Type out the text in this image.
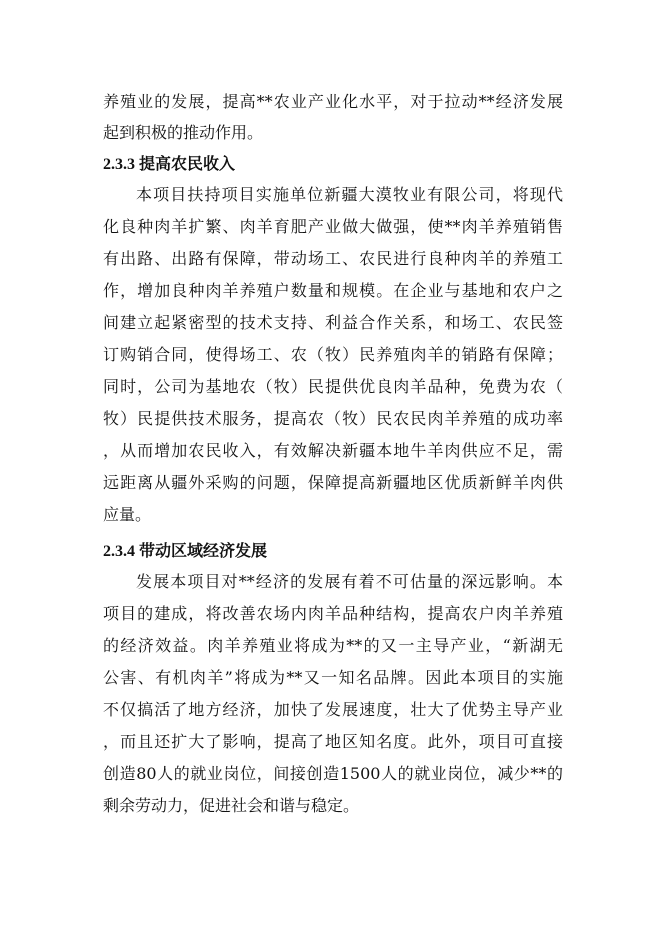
养殖业的发展，提高**农业产业化水平，对于拉动**经济发展
起到积极的推动作用。
2.3.3 提高农民收入
本项目扶持项目实施单位新疆大漠牧业有限公司，将现代
化良种肉羊扩繁、肉羊育肥产业做大做强，使**肉羊养殖销售
有出路、出路有保障，带动场工、农民进行良种肉羊的养殖工
作，增加良种肉羊养殖户数量和规模。在企业与基地和农户之
间建立起紧密型的技术支持、利益合作关系，和场工、农民签
订购销合同，使得场工、农（牧）民养殖肉羊的销路有保障；
同时，公司为基地农（牧）民提供优良肉羊品种，免费为农（
牧）民提供技术服务，提高农（牧）民农民肉羊养殖的成功率
，从而增加农民收入，有效解决新疆本地牛羊肉供应不足，需
远距离从疆外采购的问题，保障提高新疆地区优质新鲜羊肉供
应量。
2.3.4 带动区域经济发展
发展本项目对**经济的发展有着不可估量的深远影响。本
项目的建成，将改善农场内肉羊品种结构，提高农户肉羊养殖
的经济效益。肉羊养殖业将成为**的又一主导产业，“新湖无
公害、有机肉羊”将成为**又一知名品牌。因此本项目的实施
不仅搞活了地方经济，加快了发展速度，壮大了优势主导产业
，而且还扩大了影响，提高了地区知名度。此外，项目可直接
创造80人的就业岗位，间接创造1500人的就业岗位，减少**的
剩余劳动力，促进社会和谐与稳定。
